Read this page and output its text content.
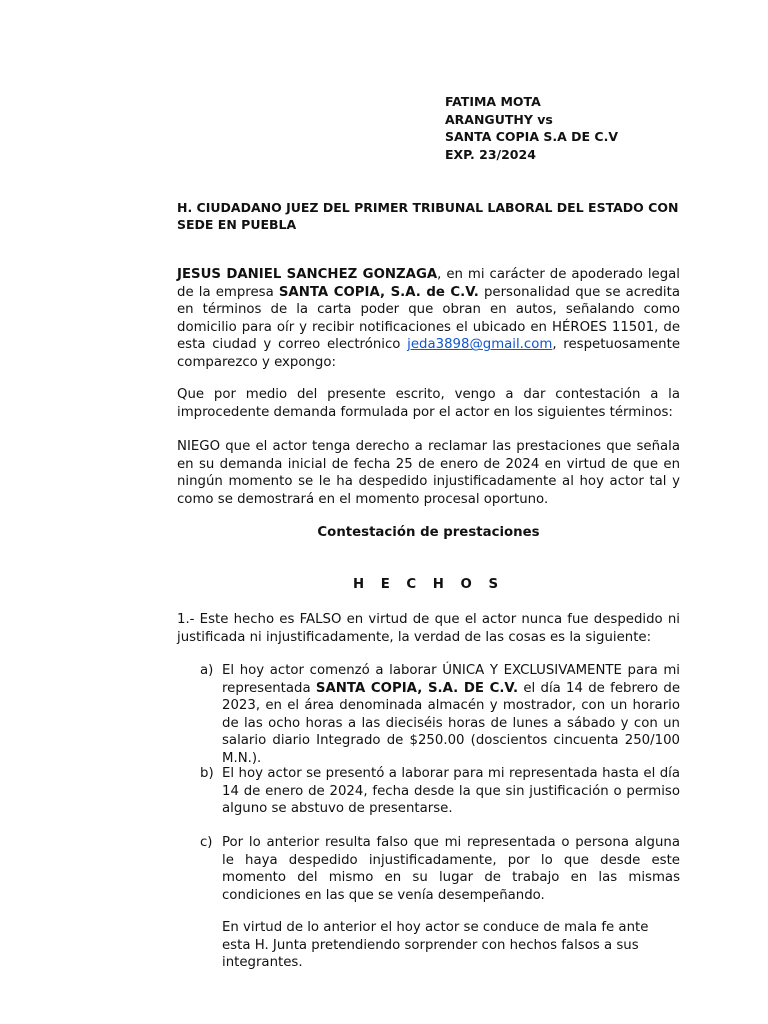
FATIMA MOTA
ARANGUTHY vs
SANTA COPIA S.A DE C.V
EXP. 23/2024
H. CIUDADANO JUEZ DEL PRIMER TRIBUNAL LABORAL DEL ESTADO CON SEDE EN PUEBLA
JESUS DANIEL SANCHEZ GONZAGA, en mi carácter de apoderado legal de la empresa SANTA COPIA, S.A. de C.V. personalidad que se acredita en términos de la carta poder que obran en autos, señalando como domicilio para oír y recibir notificaciones el ubicado en HÉROES 11501, de esta ciudad y correo electrónico jeda3898@gmail.com, respetuosamente comparezco y expongo:
Que por medio del presente escrito, vengo a dar contestación a la improcedente demanda formulada por el actor en los siguientes términos:
NIEGO que el actor tenga derecho a reclamar las prestaciones que señala en su demanda inicial de fecha 25 de enero de 2024 en virtud de que en ningún momento se le ha despedido injustificadamente al hoy actor tal y como se demostrará en el momento procesal oportuno.
Contestación de prestaciones
H E C H O S
1.- Este hecho es FALSO en virtud de que el actor nunca fue despedido ni justificada ni injustificadamente, la verdad de las cosas es la siguiente:
a) El hoy actor comenzó a laborar ÚNICA Y EXCLUSIVAMENTE para mi representada SANTA COPIA, S.A. DE C.V. el día 14 de febrero de 2023, en el área denominada almacén y mostrador, con un horario de las ocho horas a las dieciséis horas de lunes a sábado y con un salario diario Integrado de $250.00 (doscientos cincuenta 250/100 M.N.).
b) El hoy actor se presentó a laborar para mi representada hasta el día 14 de enero de 2024, fecha desde la que sin justificación o permiso alguno se abstuvo de presentarse.
c) Por lo anterior resulta falso que mi representada o persona alguna le haya despedido injustificadamente, por lo que desde este momento del mismo en su lugar de trabajo en las mismas condiciones en las que se venía desempeñando.
En virtud de lo anterior el hoy actor se conduce de mala fe ante esta H. Junta pretendiendo sorprender con hechos falsos a sus integrantes.
